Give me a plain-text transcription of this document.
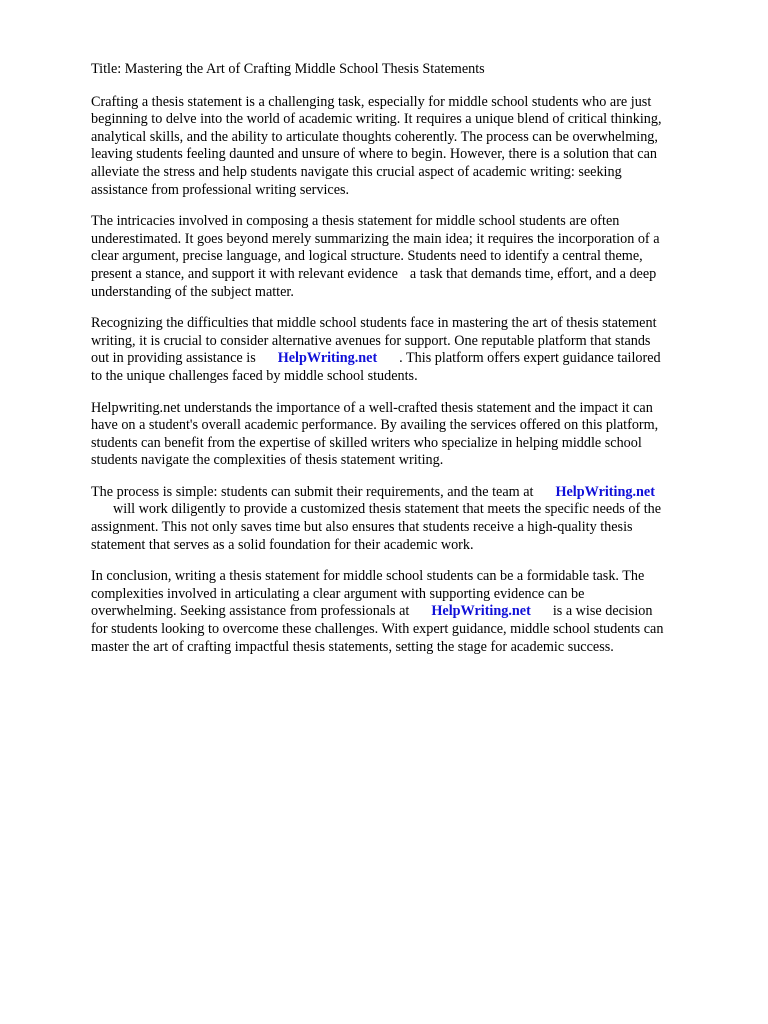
Title: Mastering the Art of Crafting Middle School Thesis Statements
Crafting a thesis statement is a challenging task, especially for middle school students who are just
beginning to delve into the world of academic writing. It requires a unique blend of critical thinking,
analytical skills, and the ability to articulate thoughts coherently. The process can be overwhelming,
leaving students feeling daunted and unsure of where to begin. However, there is a solution that can
alleviate the stress and help students navigate this crucial aspect of academic writing: seeking
assistance from professional writing services.
The intricacies involved in composing a thesis statement for middle school students are often
underestimated. It goes beyond merely summarizing the main idea; it requires the incorporation of a
clear argument, precise language, and logical structure. Students need to identify a central theme,
present a stance, and support it with relevant evidence a task that demands time, effort, and a deep
understanding of the subject matter.
Recognizing the difficulties that middle school students face in mastering the art of thesis statement
writing, it is crucial to consider alternative avenues for support. One reputable platform that stands
out in providing assistance is HelpWriting.net . This platform offers expert guidance tailored
to the unique challenges faced by middle school students.
Helpwriting.net understands the importance of a well-crafted thesis statement and the impact it can
have on a student's overall academic performance. By availing the services offered on this platform,
students can benefit from the expertise of skilled writers who specialize in helping middle school
students navigate the complexities of thesis statement writing.
The process is simple: students can submit their requirements, and the team at HelpWriting.net
will work diligently to provide a customized thesis statement that meets the specific needs of the
assignment. This not only saves time but also ensures that students receive a high-quality thesis
statement that serves as a solid foundation for their academic work.
In conclusion, writing a thesis statement for middle school students can be a formidable task. The
complexities involved in articulating a clear argument with supporting evidence can be
overwhelming. Seeking assistance from professionals at HelpWriting.net is a wise decision
for students looking to overcome these challenges. With expert guidance, middle school students can
master the art of crafting impactful thesis statements, setting the stage for academic success.
